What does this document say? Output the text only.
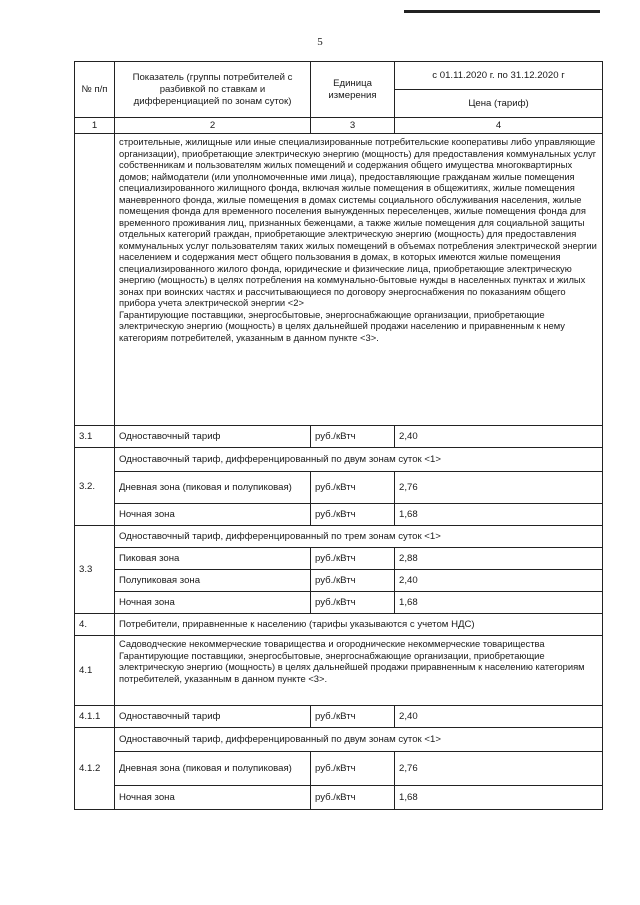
5
№ п/п	Показатель (группы потребителей с разбивкой по ставкам и дифференциацией по зонам суток)	Единица измерения	с 01.11.2020 г. по 31.12.2020 г
			Цена (тариф)
1	2	3	4

	строительные, жилищные или иные специализированные потребительские кооперативы либо управляющие организации), приобретающие электрическую энергию (мощность) для предоставления коммунальных услуг собственникам и пользователям жилых помещений и содержания общего имущества многоквартирных домов; наймодатели (или уполномоченные ими лица), предоставляющие гражданам жилые помещения специализированного жилищного фонда, включая жилые помещения в общежитиях, жилые помещения маневренного фонда, жилые помещения в домах системы социального обслуживания населения, жилые помещения фонда для временного поселения вынужденных переселенцев, жилые помещения фонда для временного проживания лиц, признанных беженцами, а также жилые помещения для социальной защиты отдельных категорий граждан, приобретающие электрическую энергию (мощность) для предоставления коммунальных услуг пользователям таких жилых помещений в объемах потребления электрической энергии населением и содержания мест общего пользования в домах, в которых имеются жилые помещения специализированного жилого фонда, юридические и физические лица, приобретающие электрическую энергию (мощность) в целях потребления на коммунально-бытовые нужды в населенных пунктах и жилых зонах при воинских частях и рассчитывающиеся по договору энергоснабжения по показаниям общего прибора учета электрической энергии <2>

Гарантирующие поставщики, энергосбытовые, энергоснабжающие организации, приобретающие электрическую энергию (мощность) в целях дальнейшей продажи населению и приравненным к нему категориям потребителей, указанным в данном пункте <3>.		

3.1	Одноставочный тариф	руб./кВтч	2,40
3.2.	Одноставочный тариф, дифференцированный по двум зонам суток <1>		
	Дневная зона (пиковая и полупиковая)	руб./кВтч	2,76
	Ночная зона	руб./кВтч	1,68
3.3	Одноставочный тариф, дифференцированный по трем зонам суток <1>		
	Пиковая зона	руб./кВтч	2,88
	Полупиковая зона	руб./кВтч	2,40
	Ночная зона	руб./кВтч	1,68
4.	Потребители, приравненные к населению (тарифы указываются с учетом НДС)		
4.1	Садоводческие некоммерческие товарищества и огороднические некоммерческие товарищества

Гарантирующие поставщики, энергосбытовые, энергоснабжающие организации, приобретающие электрическую энергию (мощность) в целях дальнейшей продажи приравненным к населению категориям потребителей, указанным в данном пункте <3>.		

4.1.1	Одноставочный тариф	руб./кВтч	2,40
4.1.2	Одноставочный тариф, дифференцированный по двум зонам суток <1>		
	Дневная зона (пиковая и полупиковая)	руб./кВтч	2,76
	Ночная зона	руб./кВтч	1,68
